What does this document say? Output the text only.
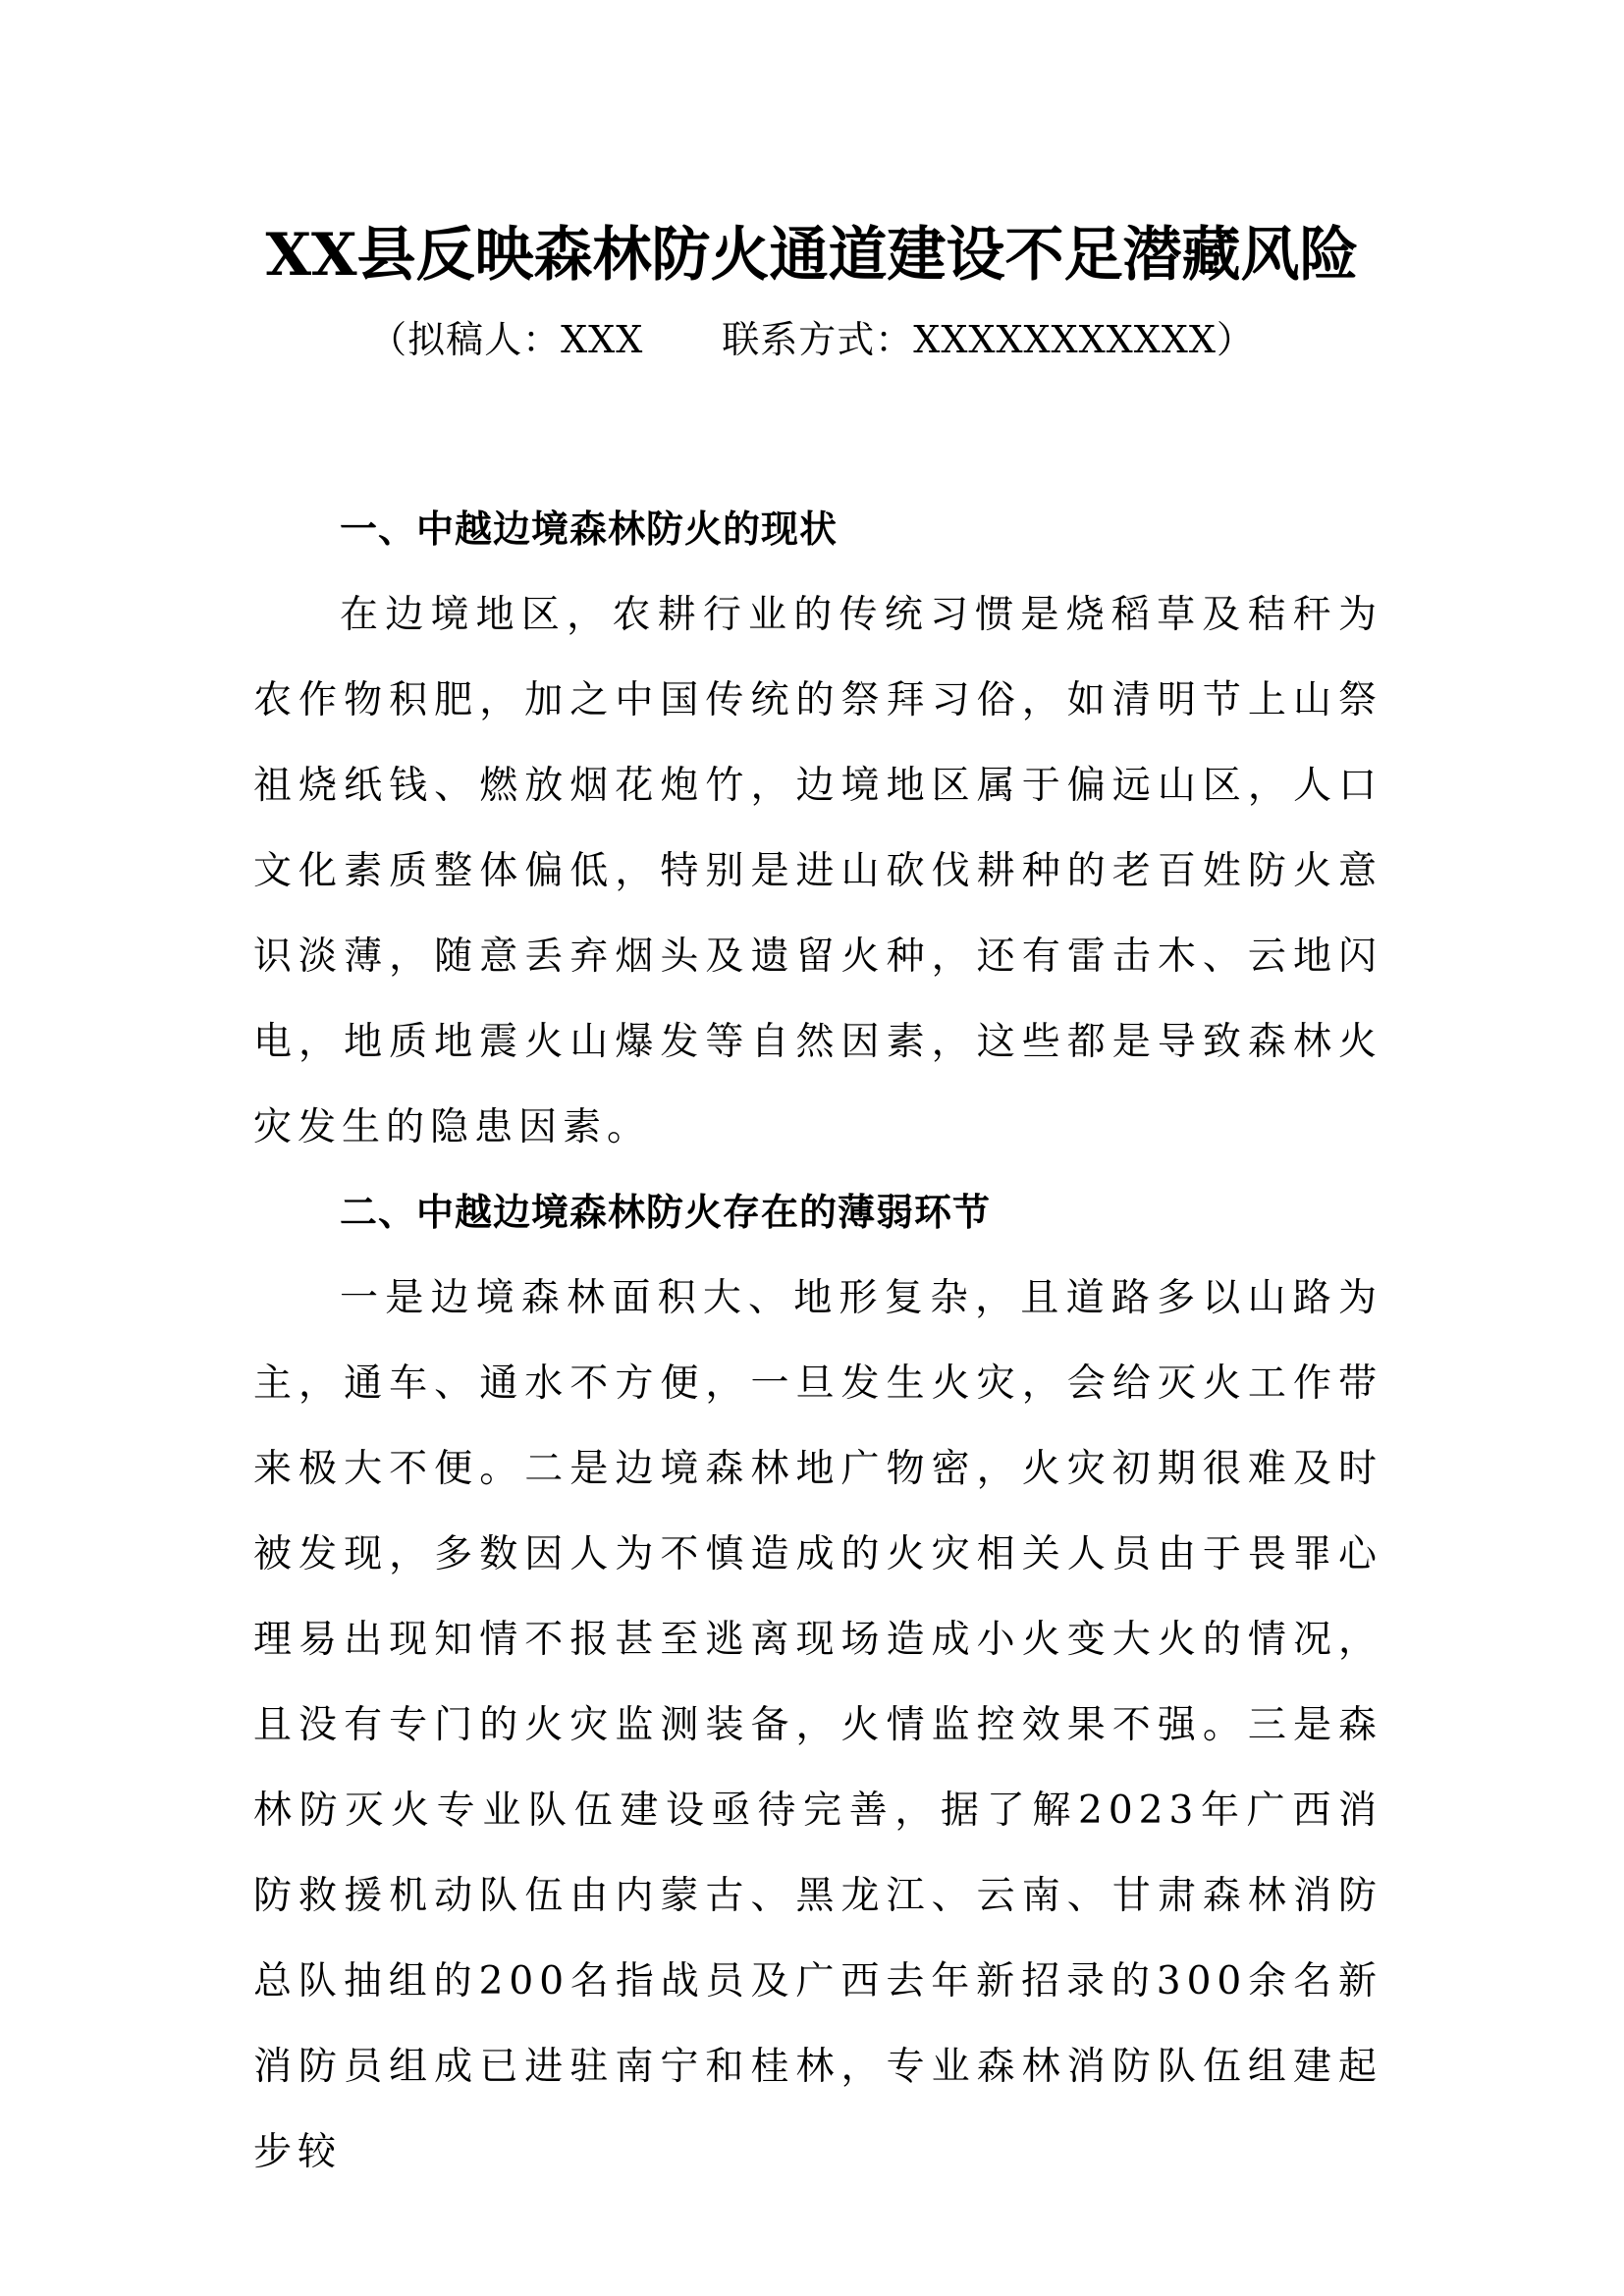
XX县反映森林防火通道建设不足潜藏风险
（拟稿人：XXX 联系方式：XXXXXXXXXXX）
一、中越边境森林防火的现状

在边境地区，农耕行业的传统习惯是烧稻草及秸秆为农作物积肥，加之中国传统的祭拜习俗，如清明节上山祭祖烧纸钱、燃放烟花炮竹，边境地区属于偏远山区，人口文化素质整体偏低，特别是进山砍伐耕种的老百姓防火意识淡薄，随意丢弃烟头及遗留火种，还有雷击木、云地闪电，地质地震火山爆发等自然因素，这些都是导致森林火灾发生的隐患因素。

二、中越边境森林防火存在的薄弱环节

一是边境森林面积大、地形复杂，且道路多以山路为主，通车、通水不方便，一旦发生火灾，会给灭火工作带来极大不便。二是边境森林地广物密，火灾初期很难及时被发现，多数因人为不慎造成的火灾相关人员由于畏罪心理易出现知情不报甚至逃离现场造成小火变大火的情况，且没有专门的火灾监测装备，火情监控效果不强。三是森林防灭火专业队伍建设亟待完善，据了解2023年广西消防救援机动队伍由内蒙古、黑龙江、云南、甘肃森林消防总队抽组的200名指战员及广西去年新招录的300余名新消防员组成已进驻南宁和桂林，专业森林消防队伍组建起步较
